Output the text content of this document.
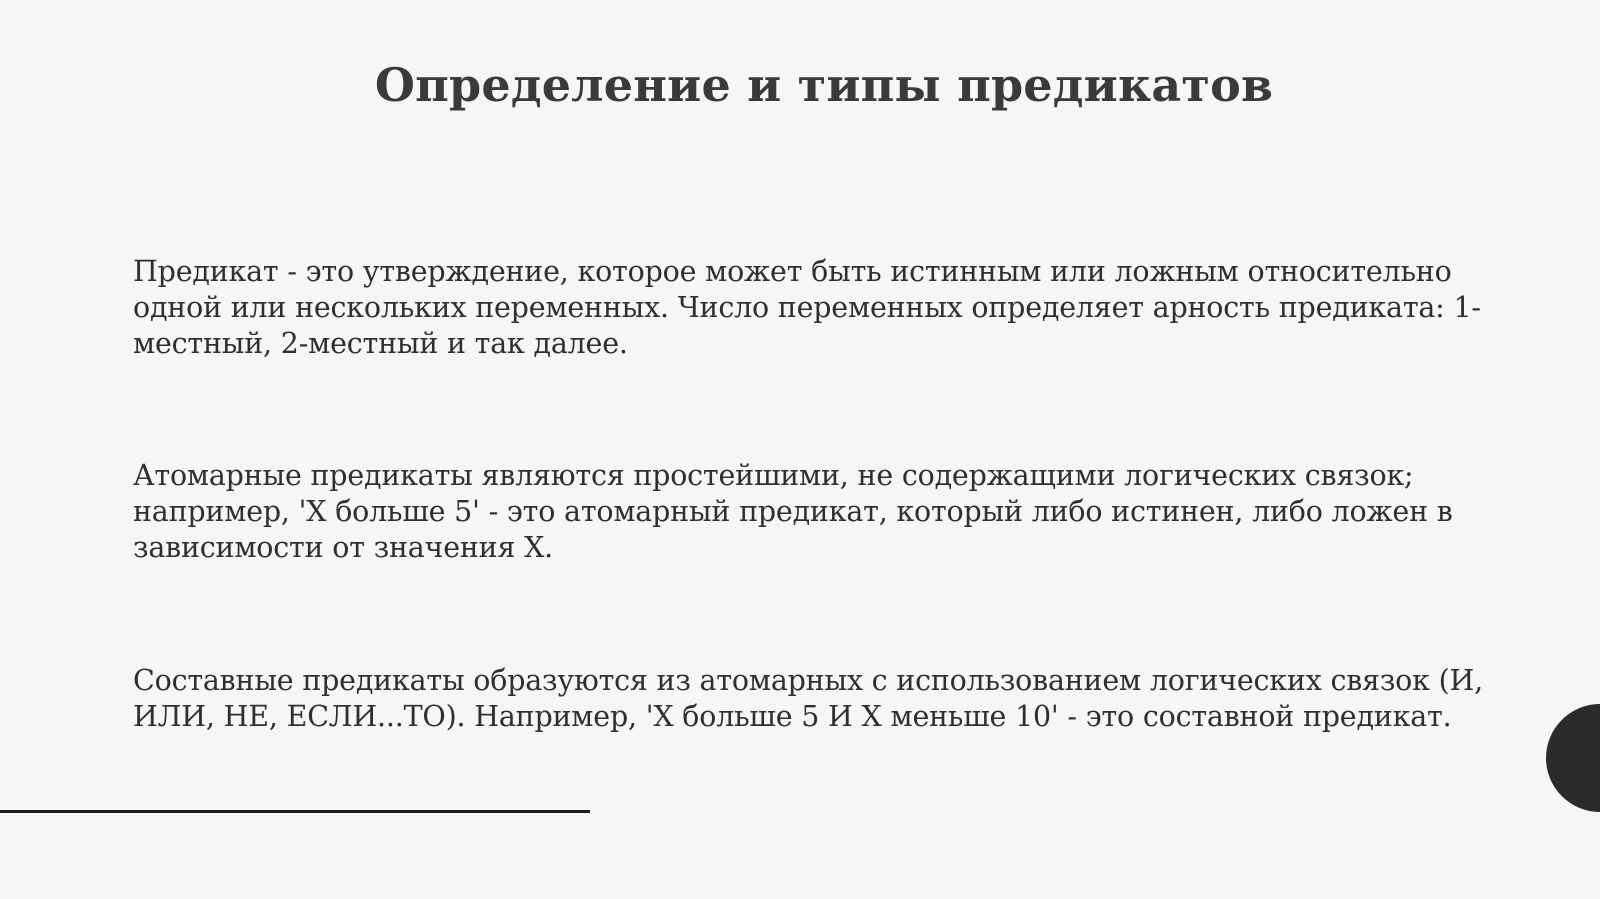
Определение и типы предикатов

Предикат - это утверждение, которое может быть истинным или ложным относительно одной или нескольких переменных. Число переменных определяет арность предиката: 1-местный, 2-местный и так далее.

Атомарные предикаты являются простейшими, не содержащими логических связок; например, 'X больше 5' - это атомарный предикат, который либо истинен, либо ложен в зависимости от значения X.

Составные предикаты образуются из атомарных с использованием логических связок (И, ИЛИ, НЕ, ЕСЛИ...ТО). Например, 'X больше 5 И X меньше 10' - это составной предикат.
